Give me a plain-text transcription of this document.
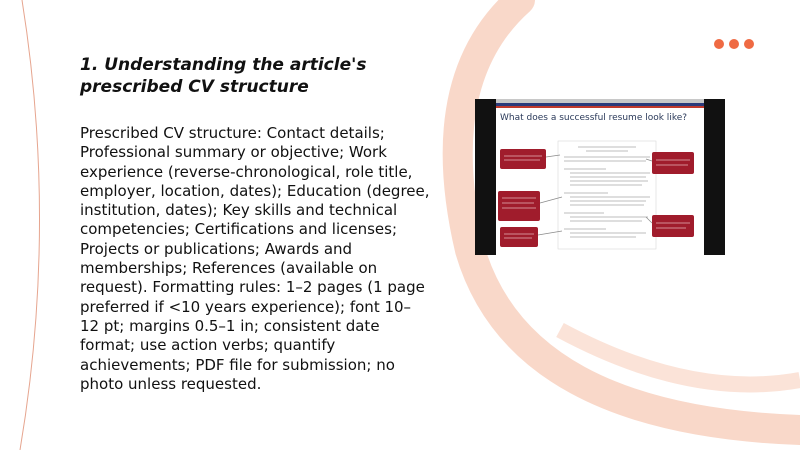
1. Understanding the article's prescribed CV structure

Prescribed CV structure: Contact details; Professional summary or objective; Work experience (reverse-chronological, role title, employer, location, dates); Education (degree, institution, dates); Key skills and technical competencies; Certifications and licenses; Projects or publications; Awards and memberships; References (available on request). Formatting rules: 1–2 pages (1 page preferred if <10 years experience); font 10–12 pt; margins 0.5–1 in; consistent date format; use action verbs; quantify achievements; PDF file for submission; no photo unless requested.

What does a successful resume look like?
